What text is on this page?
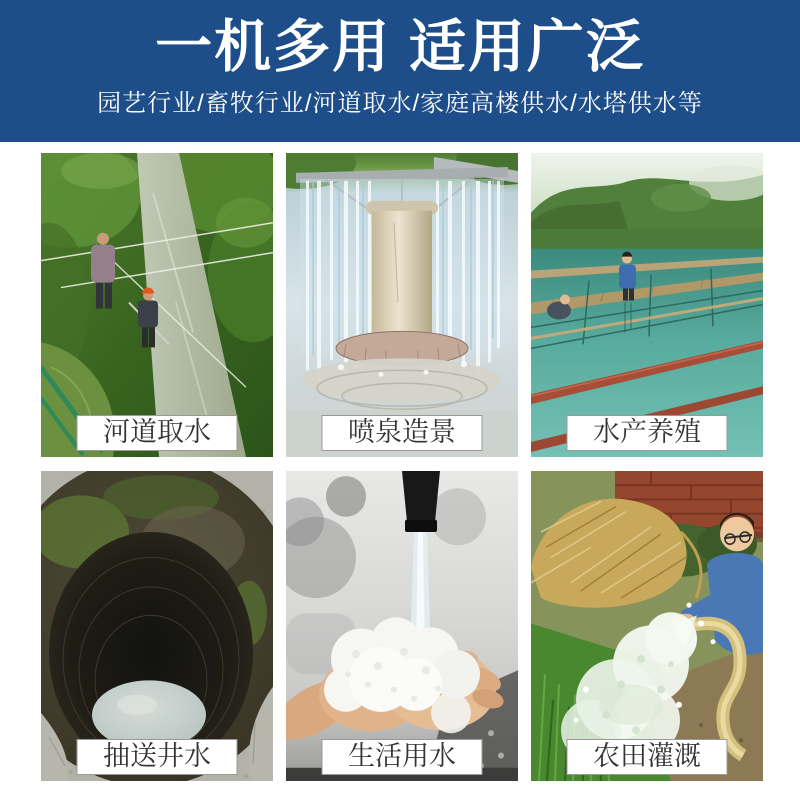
一机多用 适用广泛

园艺行业/畜牧行业/河道取水/家庭高楼供水/水塔供水等

河道取水	喷泉造景	水产养殖
抽送井水	生活用水	农田灌溉
